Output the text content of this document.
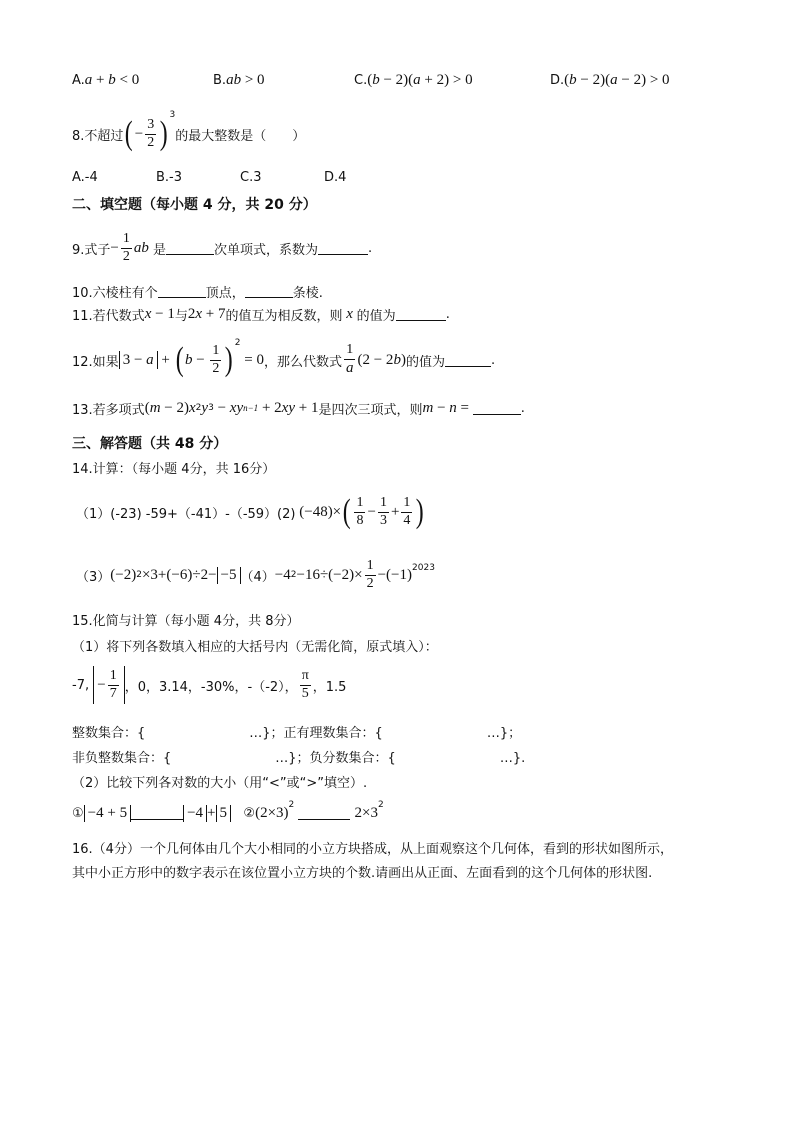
A. a + b < 0	B. ab > 0	C. ( b − 2)( a + 2) > 0	D. ( b − 2)( a − 2) > 0
8.不超过 ( − $\frac{3}{2} )^3$
的最大整数是（　　）
A.-4	B.-3	C.3	D.4
二、填空题（每小题 4 分，共 20 分）
9.式子 − $\frac{1}{2}$ ab
是	次单项式，系数为	.
10.六棱柱有个	顶点，	条棱.
11.若代数式 x − 1 与 2 x + 7 的值互为相反数，则 x 的值为	.
12.如果 3 − a + ( $b - \frac{1}{2} )^2$
= 0 ，那么代数式 $\frac{1}{a} (2 - 2$ b ) 的值为	.
13.若多项式 ( m − 2) x 2 y 3 − xy n−1 + 2 xy + 1 是四次三项式，则 m − n =	.
三、解答题（共 48 分）
14.计算：（每小题 4分，共 16分）
（1）(-23) -59+（-41）-（-59）(2) (−48)× ( $\frac{1}{8} - \frac{1}{3} + \frac{1}{4}$ )
（3） (−2) 2 ×3+(−6)÷2− −5 （4） −4 $2 -16\div(-2)\times \frac{1}{2} -(-1)^{2023}$
15.化简与计算（每小题 4分，共 8分）
（1）将下列各数填入相应的大括号内（无需化简，原式填入）：
-7,
− $\frac{1}{7}$ ，0，3.14，-30%，-（-2）， $\frac{\pi}{5}$ ，1.5
整数集合：{　　　　　　　　…}；正有理数集合：{　　　　　　　　…}；
非负整数集合：{　　　　　　　　…}；负分数集合：{　　　　　　　　…}.
（2）比较下列各对数的大小（用“<”或“>”填空）.
① −4 + 5	−4 + 5
	② $(2\times 3)^2$

	$2\times 3^2$
16.（4分）一个几何体由几个大小相同的小立方块搭成，从上面观察这个几何体，看到的形状如图所示，
其中小正方形中的数字表示在该位置小立方块的个数.请画出从正面、左面看到的这个几何体的形状图.
